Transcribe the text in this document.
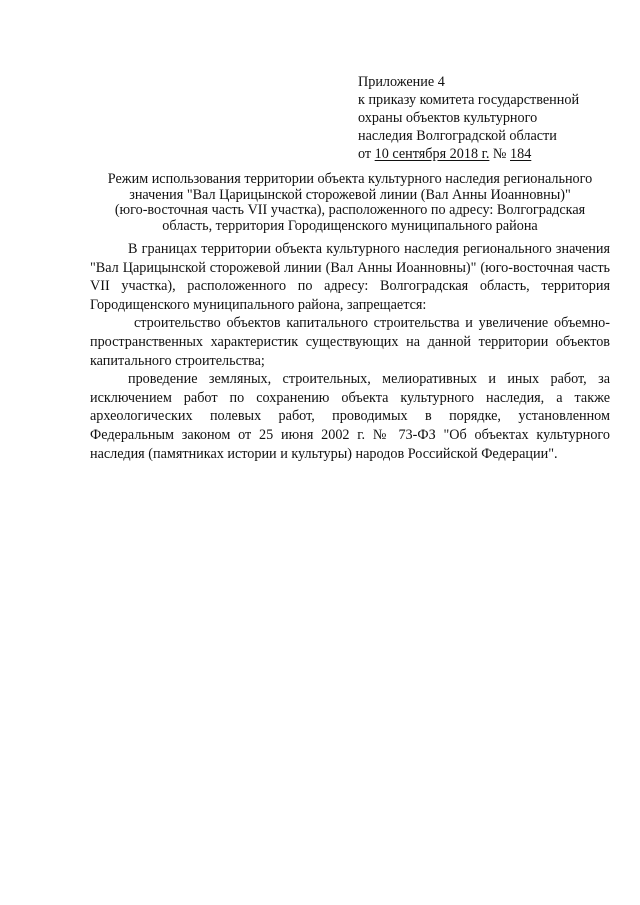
Приложение 4
к приказу комитета государственной
охраны объектов культурного
наследия Волгоградской области
от 10 сентября 2018 г. № 184
Режим использования территории объекта культурного наследия регионального
значения "Вал Царицынской сторожевой линии (Вал Анны Иоанновны)"
(юго-восточная часть VII участка), расположенного по адресу: Волгоградская
область, территория Городищенского муниципального района

В границах территории объекта культурного наследия регионального значения "Вал Царицынской сторожевой линии (Вал Анны Иоанновны)" (юго-восточная часть VII участка), расположенного по адресу: Волгоградская область, территория Городищенского муниципального района, запрещается:

строительство объектов капитального строительства и увеличение объемно-пространственных характеристик существующих на данной территории объектов капитального строительства;

проведение земляных, строительных, мелиоративных и иных работ, за исключением работ по сохранению объекта культурного наследия, а также археологических полевых работ, проводимых в порядке, установленном Федеральным законом от 25 июня 2002 г. № 73-ФЗ "Об объектах культурного наследия (памятниках истории и культуры) народов Российской Федерации".
